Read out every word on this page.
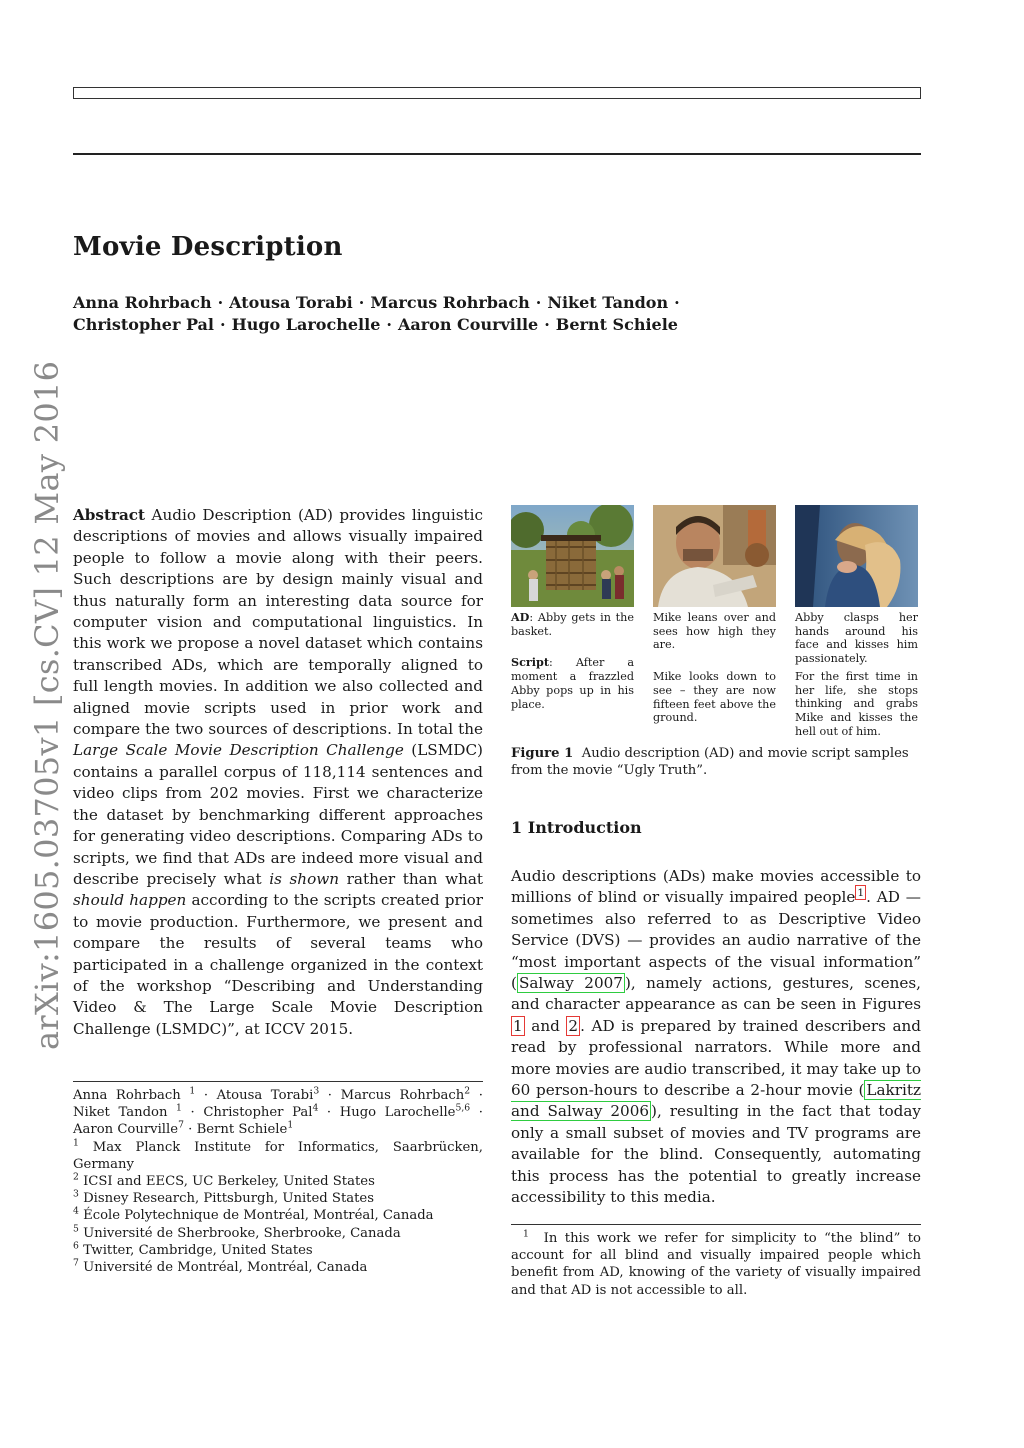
Movie Description
Anna Rohrbach · Atousa Torabi · Marcus Rohrbach · Niket Tandon ·
Christopher Pal · Hugo Larochelle · Aaron Courville · Bernt Schiele
arXiv:1605.03705v1 [cs.CV] 12 May 2016 Abstract Audio Description (AD) provides linguistic descriptions of movies and allows visually impaired people to follow a movie along with their peers. Such descriptions are by design mainly visual and thus naturally form an interesting data source for computer vision and computational linguistics. In this work we propose a novel dataset which contains transcribed ADs, which are temporally aligned to full length movies. In addition we also collected and aligned movie scripts used in prior work and compare the two sources of descriptions. In total the Large Scale Movie Description Challenge (LSMDC) contains a parallel corpus of 118,114 sentences and video clips from 202 movies. First we characterize the dataset by benchmarking different approaches for generating video descriptions. Comparing ADs to scripts, we find that ADs are indeed more visual and describe precisely what is shown rather than what should happen according to the scripts created prior to movie production. Furthermore, we present and compare the results of several teams who participated in a challenge organized in the context of the workshop “Describing and Understanding Video & The Large Scale Movie Description Challenge (LSMDC)”, at ICCV 2015.
Anna Rohrbach $^1$ · Atousa Torabi$^3$ · Marcus Rohrbach$^2$ · Niket Tandon $^1$ · Christopher Pal$^4$ · Hugo Larochelle$^{5,6}$ · Aaron Courville$^7$ · Bernt Schiele$^1$
$^1$ Max Planck Institute for Informatics, Saarbrücken, Germany
$^2$ ICSI and EECS, UC Berkeley, United States
$^3$ Disney Research, Pittsburgh, United States
$^4$ École Polytechnique de Montréal, Montréal, Canada
$^5$ Université de Sherbrooke, Sherbrooke, Canada
$^6$ Twitter, Cambridge, United States
$^7$ Université de Montréal, Montréal, Canada
AD: Abby gets in the basket.
Script: After a moment a frazzled Abby pops up in his place.
Mike leans over and sees how high they are.
Mike looks down to see – they are now fifteen feet above the ground.
Abby clasps her hands around his face and kisses him passionately.
For the first time in her life, she stops thinking and grabs Mike and kisses the hell out of him.
Figure 1 Audio description (AD) and movie script samples from the movie “Ugly Truth”.
1 Introduction
Audio descriptions (ADs) make movies accessible to millions of blind or visually impaired people $^1$ . AD — sometimes also referred to as Descriptive Video Service (DVS) — provides an audio narrative of the “most important aspects of the visual information” ( Salway 2007 ), namely actions, gestures, scenes, and character appearance as can be seen in Figures 1 and 2 . AD is prepared by trained describers and read by professional narrators. While more and more movies are audio transcribed, it may take up to 60 person-hours to describe a 2-hour movie ( Lakritz and Salway 2006 ), resulting in the fact that today only a small subset of movies and TV programs are available for the blind. Consequently, automating this process has the potential to greatly increase accessibility to this media.
$^1$ In this work we refer for simplicity to “the blind” to account for all blind and visually impaired people which benefit from AD, knowing of the variety of visually impaired and that AD is not accessible to all.
